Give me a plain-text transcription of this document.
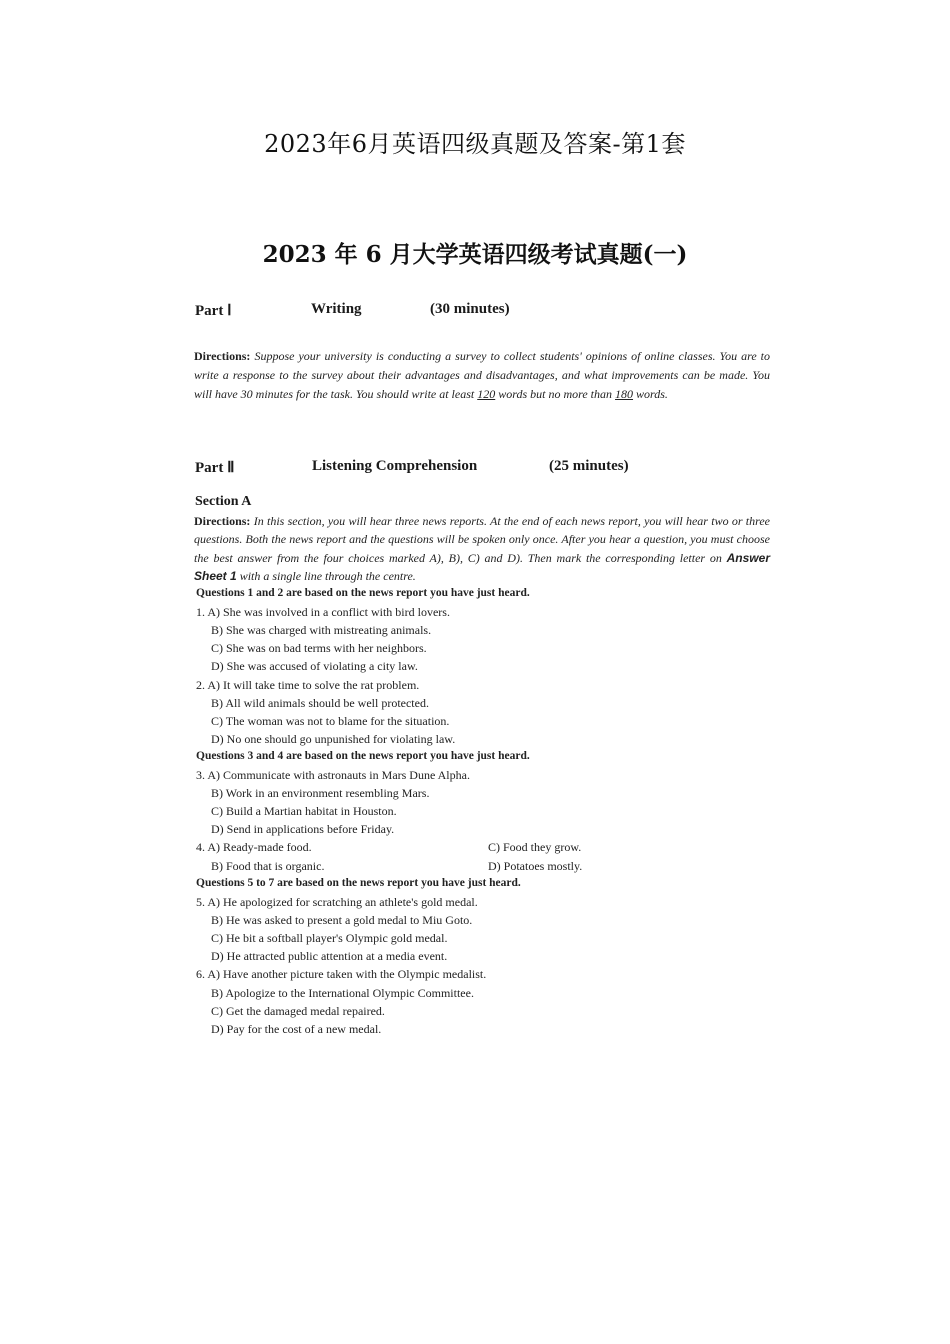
2023年6月英语四级真题及答案-第1套
2023 年 6 月大学英语四级考试真题(一)
Part Ⅰ	Writing	(30 minutes)
Directions: Suppose your university is conducting a survey to collect students' opinions of online classes. You are to write a response to the survey about their advantages and disadvantages, and what improvements can be made. You will have 30 minutes for the task. You should write at least 120 words but no more than 180 words.
Part Ⅱ	Listening Comprehension	(25 minutes)
Section A
Directions: In this section, you will hear three news reports. At the end of each news report, you will hear two or three questions. Both the news report and the questions will be spoken only once. After you hear a question, you must choose the best answer from the four choices marked A), B), C) and D). Then mark the corresponding letter on Answer Sheet 1 with a single line through the centre.
Questions 1 and 2 are based on the news report you have just heard.
1. A) She was involved in a conflict with bird lovers.
B) She was charged with mistreating animals.
C) She was on bad terms with her neighbors.
D) She was accused of violating a city law.
2. A) It will take time to solve the rat problem.
B) All wild animals should be well protected.
C) The woman was not to blame for the situation.
D) No one should go unpunished for violating law.
Questions 3 and 4 are based on the news report you have just heard.
3. A) Communicate with astronauts in Mars Dune Alpha.
B) Work in an environment resembling Mars.
C) Build a Martian habitat in Houston.
D) Send in applications before Friday.
4. A) Ready-made food.	C) Food they grow.
B) Food that is organic.	D) Potatoes mostly.
Questions 5 to 7 are based on the news report you have just heard.
5. A) He apologized for scratching an athlete's gold medal.
B) He was asked to present a gold medal to Miu Goto.
C) He bit a softball player's Olympic gold medal.
D) He attracted public attention at a media event.
6. A) Have another picture taken with the Olympic medalist.
B) Apologize to the International Olympic Committee.
C) Get the damaged medal repaired.
D) Pay for the cost of a new medal.
